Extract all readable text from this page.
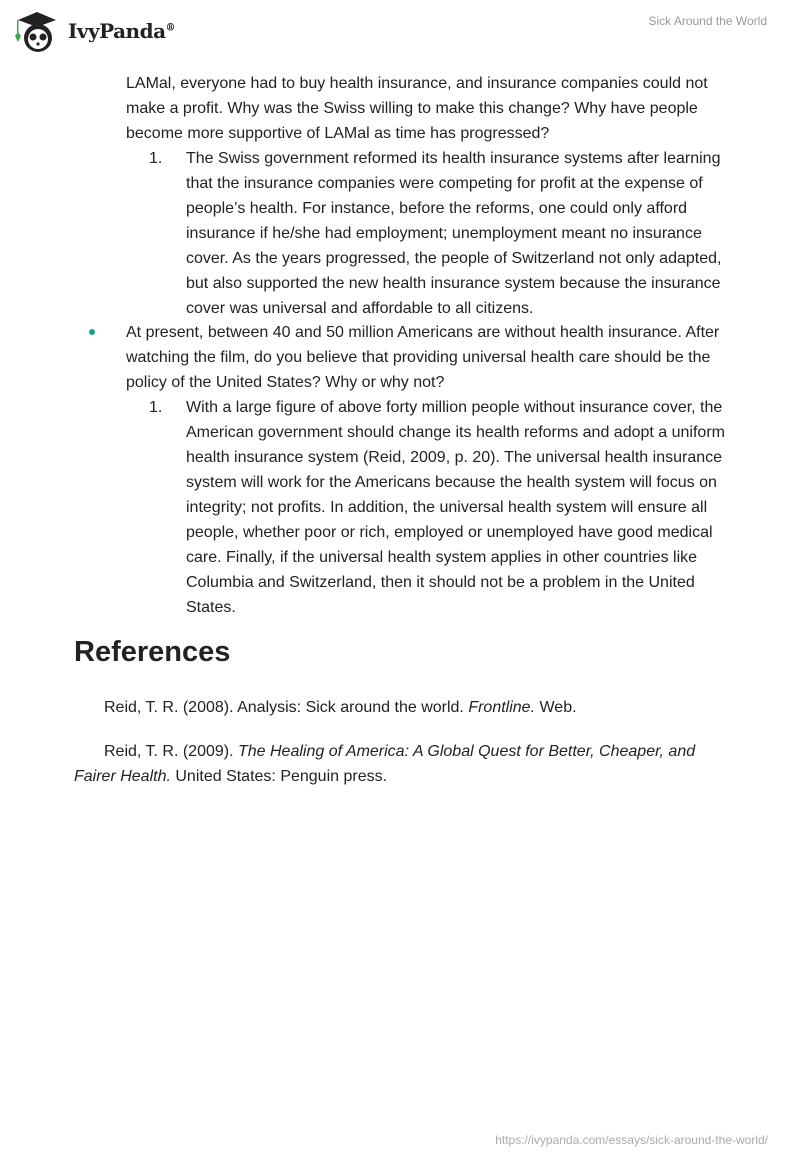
IvyPanda®	Sick Around the World

LAMal, everyone had to buy health insurance, and insurance companies could not make a profit. Why was the Swiss willing to make this change? Why have people become more supportive of LAMal as time has progressed?

1. The Swiss government reformed its health insurance systems after learning that the insurance companies were competing for profit at the expense of people’s health. For instance, before the reforms, one could only afford insurance if he/she had employment; unemployment meant no insurance cover. As the years progressed, the people of Switzerland not only adapted, but also supported the new health insurance system because the insurance cover was universal and affordable to all citizens.

At present, between 40 and 50 million Americans are without health insurance. After watching the film, do you believe that providing universal health care should be the policy of the United States? Why or why not?

1. With a large figure of above forty million people without insurance cover, the American government should change its health reforms and adopt a uniform health insurance system (Reid, 2009, p. 20). The universal health insurance system will work for the Americans because the health system will focus on integrity; not profits. In addition, the universal health system will ensure all people, whether poor or rich, employed or unemployed have good medical care. Finally, if the universal health system applies in other countries like Columbia and Switzerland, then it should not be a problem in the United States.

References

Reid, T. R. (2008). Analysis: Sick around the world. Frontline. Web.

Reid, T. R. (2009). The Healing of America: A Global Quest for Better, Cheaper, and Fairer Health. United States: Penguin press.

https://ivypanda.com/essays/sick-around-the-world/
